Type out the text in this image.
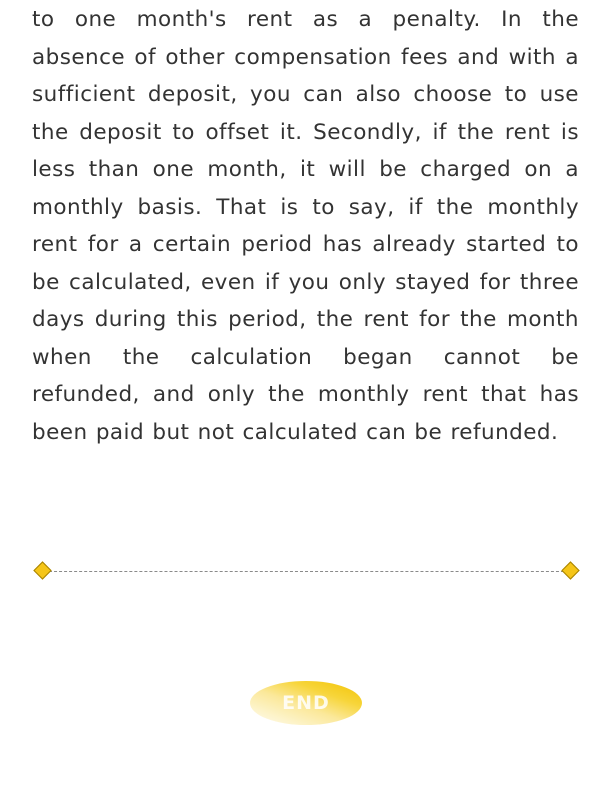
to one month's rent as a penalty. In the absence of other compensation fees and with a sufficient deposit, you can also choose to use the deposit to offset it. Secondly, if the rent is less than one month, it will be charged on a monthly basis. That is to say, if the monthly rent for a certain period has already started to be calculated, even if you only stayed for three days during this period, the rent for the month when the calculation began cannot be refunded, and only the monthly rent that has been paid but not calculated can be refunded.

END
